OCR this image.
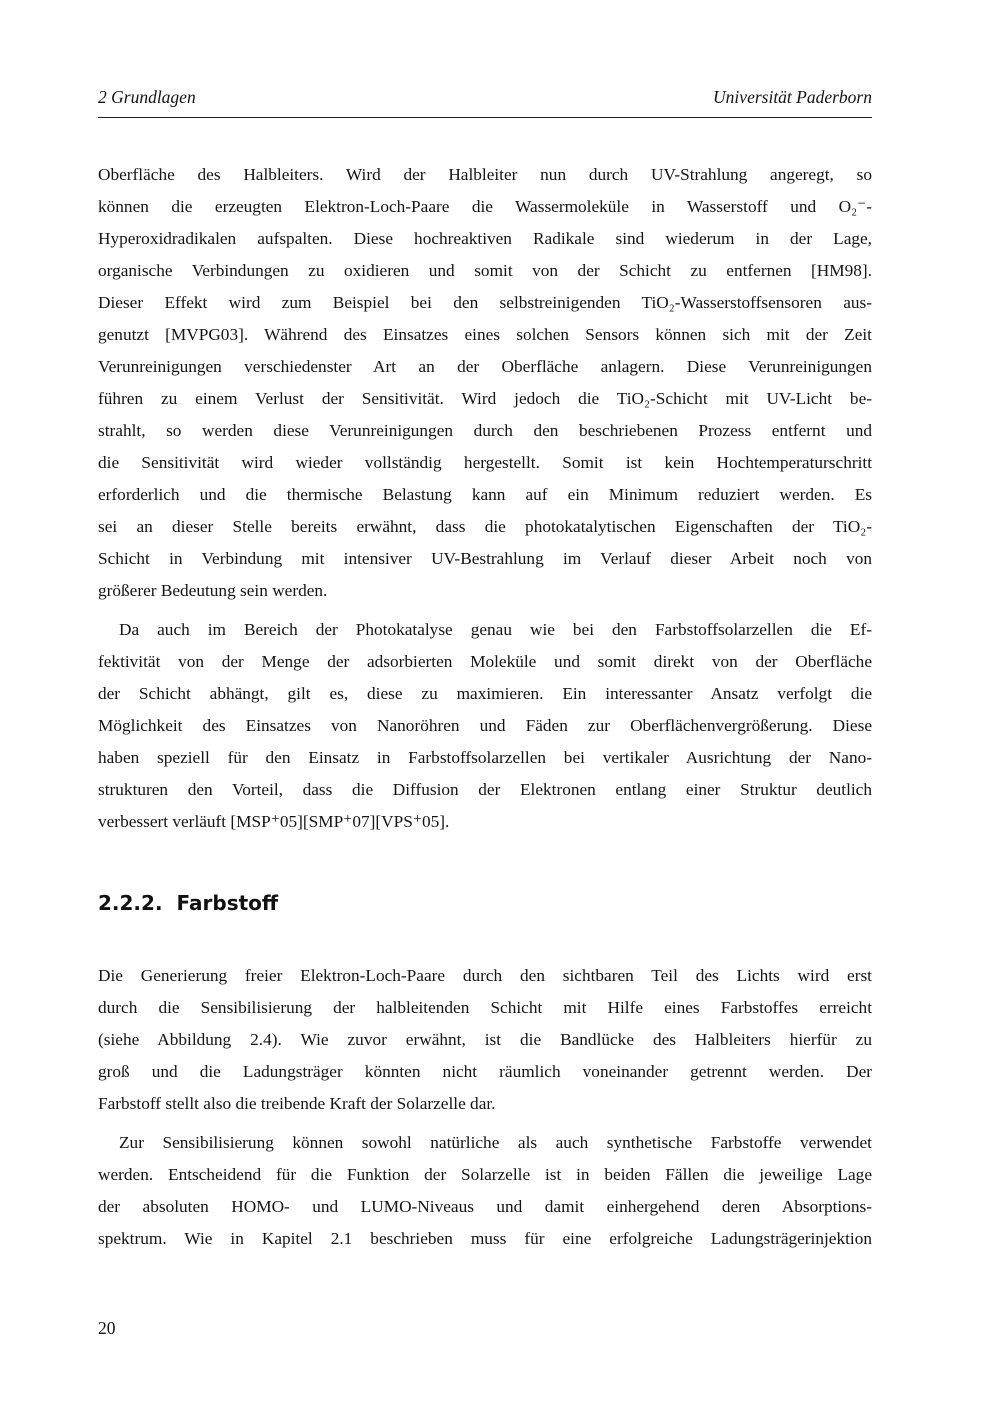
2 Grundlagen	Universität Paderborn
Oberfläche des Halbleiters. Wird der Halbleiter nun durch UV-Strahlung angeregt, so
können die erzeugten Elektron-Loch-Paare die Wassermoleküle in Wasserstoff und O₂⁻-
Hyperoxidradikalen aufspalten. Diese hochreaktiven Radikale sind wiederum in der Lage,
organische Verbindungen zu oxidieren und somit von der Schicht zu entfernen [HM98].
Dieser Effekt wird zum Beispiel bei den selbstreinigenden TiO₂-Wasserstoffsensoren aus-
genutzt [MVPG03]. Während des Einsatzes eines solchen Sensors können sich mit der Zeit
Verunreinigungen verschiedenster Art an der Oberfläche anlagern. Diese Verunreinigungen
führen zu einem Verlust der Sensitivität. Wird jedoch die TiO₂-Schicht mit UV-Licht be-
strahlt, so werden diese Verunreinigungen durch den beschriebenen Prozess entfernt und
die Sensitivität wird wieder vollständig hergestellt. Somit ist kein Hochtemperaturschritt
erforderlich und die thermische Belastung kann auf ein Minimum reduziert werden. Es
sei an dieser Stelle bereits erwähnt, dass die photokatalytischen Eigenschaften der TiO₂-
Schicht in Verbindung mit intensiver UV-Bestrahlung im Verlauf dieser Arbeit noch von
größerer Bedeutung sein werden.
Da auch im Bereich der Photokatalyse genau wie bei den Farbstoffsolarzellen die Ef-
fektivität von der Menge der adsorbierten Moleküle und somit direkt von der Oberfläche
der Schicht abhängt, gilt es, diese zu maximieren. Ein interessanter Ansatz verfolgt die
Möglichkeit des Einsatzes von Nanoröhren und Fäden zur Oberflächenvergrößerung. Diese
haben speziell für den Einsatz in Farbstoffsolarzellen bei vertikaler Ausrichtung der Nano-
strukturen den Vorteil, dass die Diffusion der Elektronen entlang einer Struktur deutlich
verbessert verläuft [MSP⁺05][SMP⁺07][VPS⁺05].
2.2.2. Farbstoff
Die Generierung freier Elektron-Loch-Paare durch den sichtbaren Teil des Lichts wird erst
durch die Sensibilisierung der halbleitenden Schicht mit Hilfe eines Farbstoffes erreicht
(siehe Abbildung 2.4). Wie zuvor erwähnt, ist die Bandlücke des Halbleiters hierfür zu
groß und die Ladungsträger könnten nicht räumlich voneinander getrennt werden. Der
Farbstoff stellt also die treibende Kraft der Solarzelle dar.
Zur Sensibilisierung können sowohl natürliche als auch synthetische Farbstoffe verwendet
werden. Entscheidend für die Funktion der Solarzelle ist in beiden Fällen die jeweilige Lage
der absoluten HOMO- und LUMO-Niveaus und damit einhergehend deren Absorptions-
spektrum. Wie in Kapitel 2.1 beschrieben muss für eine erfolgreiche Ladungsträgerinjektion
20
